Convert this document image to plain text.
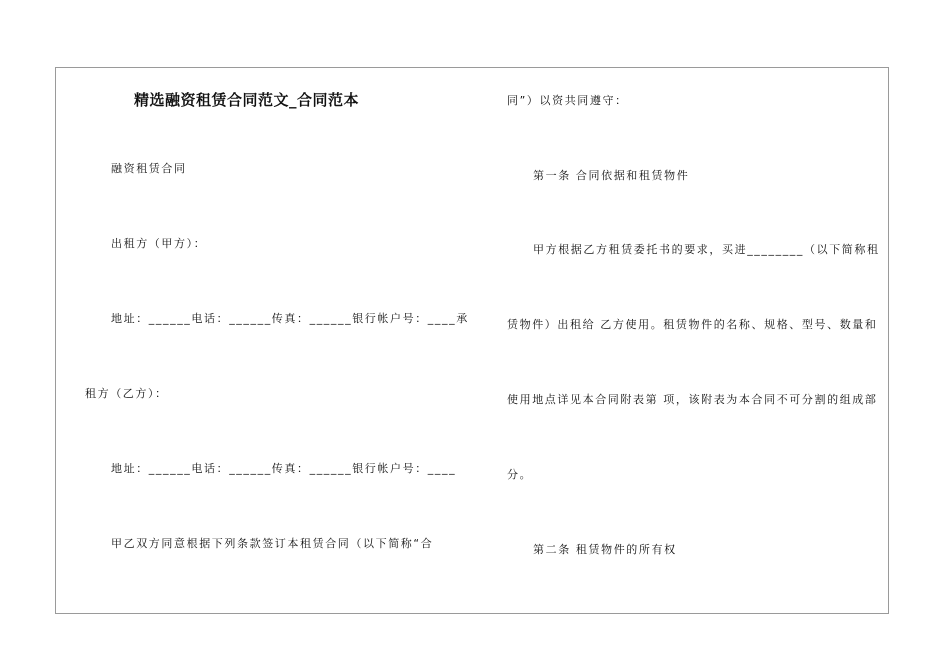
精选融资租赁合同范文_合同范本
融资租赁合同
出租方（甲方）：
地址：______电话：______传真：______银行帐户号：____承
租方（乙方）：
地址：______电话：______传真：______银行帐户号：____
甲乙双方同意根据下列条款签订本租赁合同（以下简称“合
同”）以资共同遵守：
第一条 合同依据和租赁物件
甲方根据乙方租赁委托书的要求，买进________（以下简称租
赁物件）出租给 乙方使用。租赁物件的名称、规格、型号、数量和
使用地点详见本合同附表第 项，该附表为本合同不可分割的组成部
分。
第二条 租赁物件的所有权
